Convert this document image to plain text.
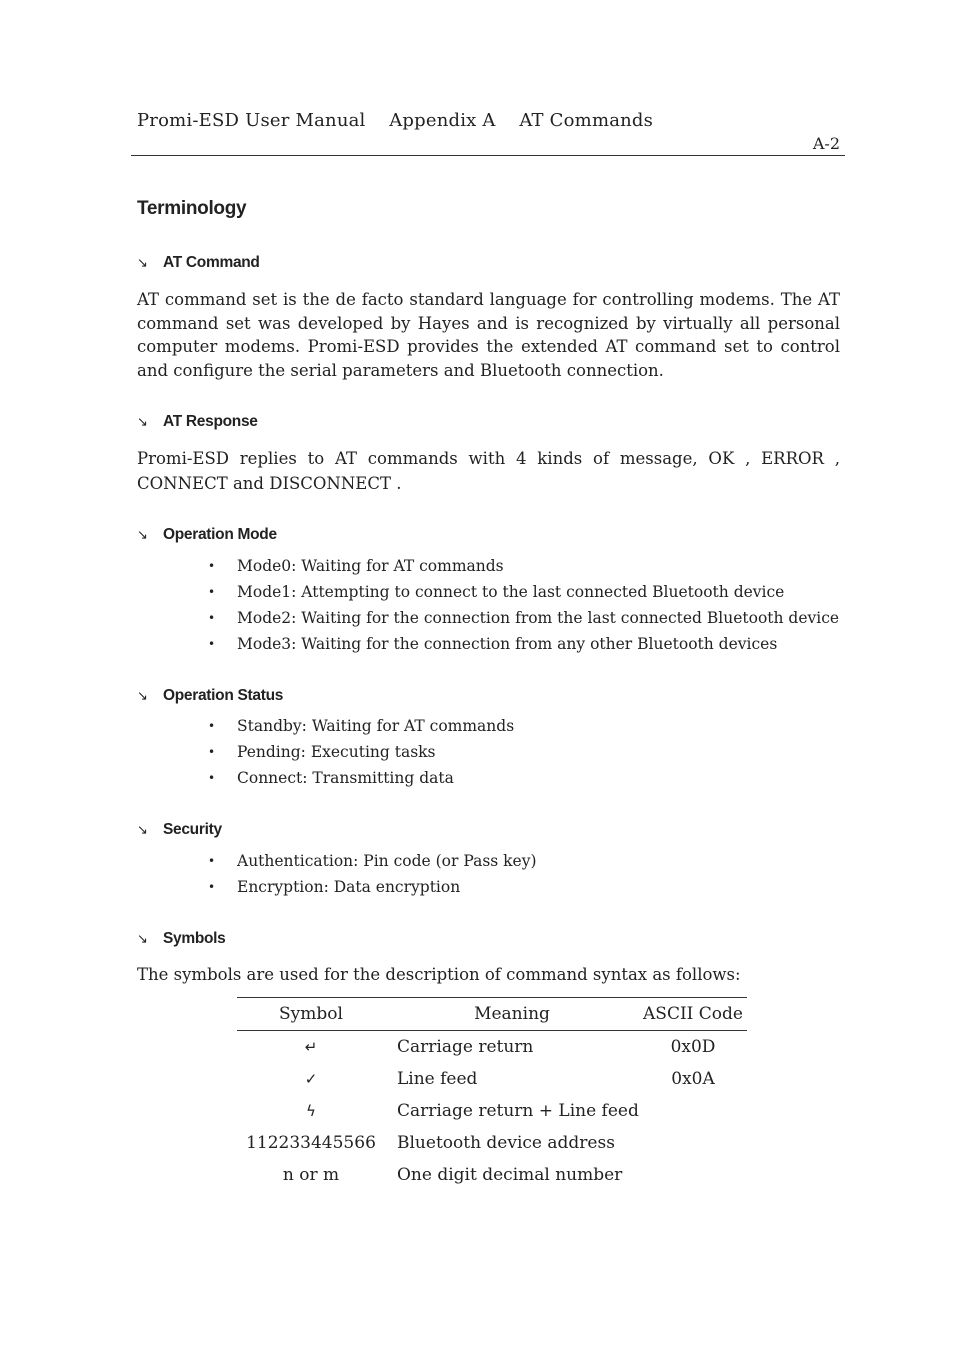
Promi-ESD User Manual    Appendix A    AT Commands
A-2
Terminology
↘ AT Command

AT command set is the de facto standard language for controlling modems. The AT command set was developed by Hayes and is recognized by virtually all personal computer modems. Promi-ESD provides the extended AT command set to control and configure the serial parameters and Bluetooth connection.

↘ AT Response

Promi-ESD replies to AT commands with 4 kinds of message, OK , ERROR , CONNECT and DISCONNECT .

↘ Operation Mode
• Mode0: Waiting for AT commands
• Mode1: Attempting to connect to the last connected Bluetooth device
• Mode2: Waiting for the connection from the last connected Bluetooth device
• Mode3: Waiting for the connection from any other Bluetooth devices
↘ Operation Status
• Standby: Waiting for AT commands
• Pending: Executing tasks
• Connect: Transmitting data
↘ Security
• Authentication: Pin code (or Pass key)
• Encryption: Data encryption
↘ Symbols

The symbols are used for the description of command syntax as follows:

Symbol	Meaning	ASCII Code
↵	Carriage return	0x0D
✓	Line feed	0x0A
ϟ	Carriage return + Line feed	
112233445566	Bluetooth device address	
n or m	One digit decimal number	
